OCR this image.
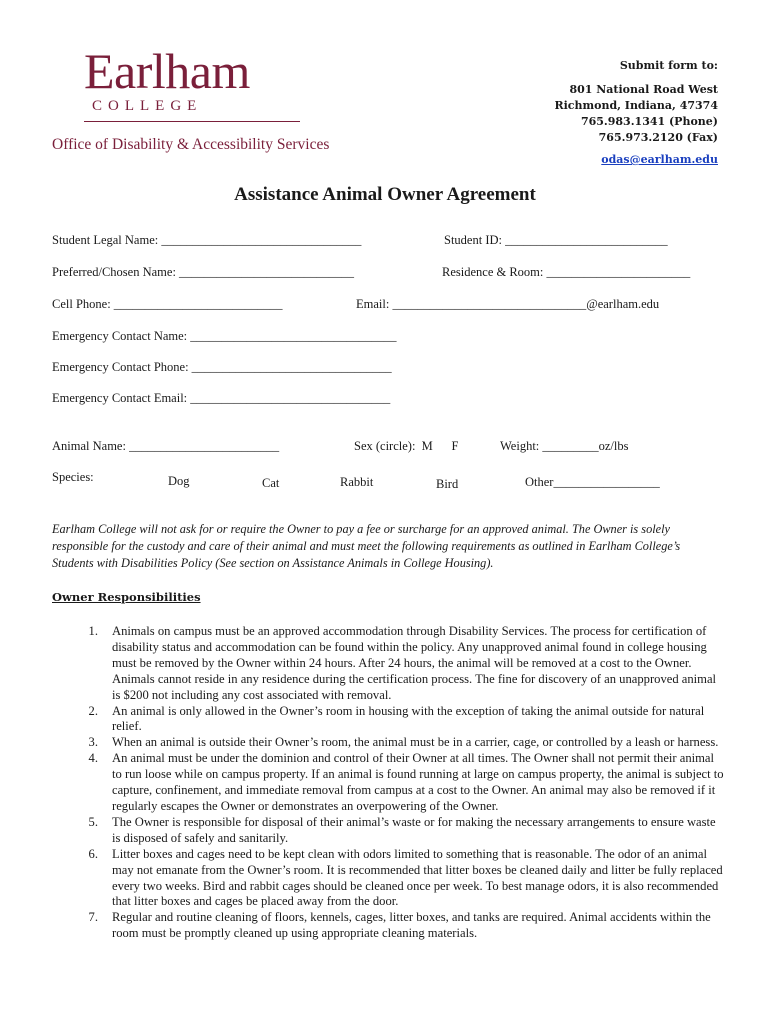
Earlham
COLLEGE
Office of Disability & Accessibility Services
Submit form to:
801 National Road West
Richmond, Indiana, 47374
765.983.1341 (Phone)
765.973.2120 (Fax)
odas@earlham.edu
Assistance Animal Owner Agreement
Student Legal Name: ________________________________	Student ID: __________________________
Preferred/Chosen Name: ____________________________	Residence & Room: _______________________
Cell Phone: ___________________________	Email: _______________________________@earlham.edu
Emergency Contact Name: _________________________________
Emergency Contact Phone: ________________________________
Emergency Contact Email: ________________________________
Animal Name: ________________________	Sex (circle):  M      F	Weight: _________oz/lbs
Species:	Dog	Cat	Rabbit	Bird	Other_________________
Earlham College will not ask for or require the Owner to pay a fee or surcharge for an approved animal. The Owner is solely responsible for the custody and care of their animal and must meet the following requirements as outlined in Earlham College’s Students with Disabilities Policy (See section on Assistance Animals in College Housing).
Owner Responsibilities
1.	Animals on campus must be an approved accommodation through Disability Services. The process for certification of disability status and accommodation can be found within the policy. Any unapproved animal found in college housing must be removed by the Owner within 24 hours. After 24 hours, the animal will be removed at a cost to the Owner. Animals cannot reside in any residence during the certification process. The fine for discovery of an unapproved animal is $200 not including any cost associated with removal.
2.	An animal is only allowed in the Owner’s room in housing with the exception of taking the animal outside for natural relief.
3.	When an animal is outside their Owner’s room, the animal must be in a carrier, cage, or controlled by a leash or harness.
4.	An animal must be under the dominion and control of their Owner at all times. The Owner shall not permit their animal to run loose while on campus property. If an animal is found running at large on campus property, the animal is subject to capture, confinement, and immediate removal from campus at a cost to the Owner. An animal may also be removed if it regularly escapes the Owner or demonstrates an overpowering of the Owner.
5.	The Owner is responsible for disposal of their animal’s waste or for making the necessary arrangements to ensure waste is disposed of safely and sanitarily.
6.	Litter boxes and cages need to be kept clean with odors limited to something that is reasonable. The odor of an animal may not emanate from the Owner’s room. It is recommended that litter boxes be cleaned daily and litter be fully replaced every two weeks. Bird and rabbit cages should be cleaned once per week. To best manage odors, it is also recommended that litter boxes and cages be placed away from the door.
7.	Regular and routine cleaning of floors, kennels, cages, litter boxes, and tanks are required. Animal accidents within the room must be promptly cleaned up using appropriate cleaning materials.
